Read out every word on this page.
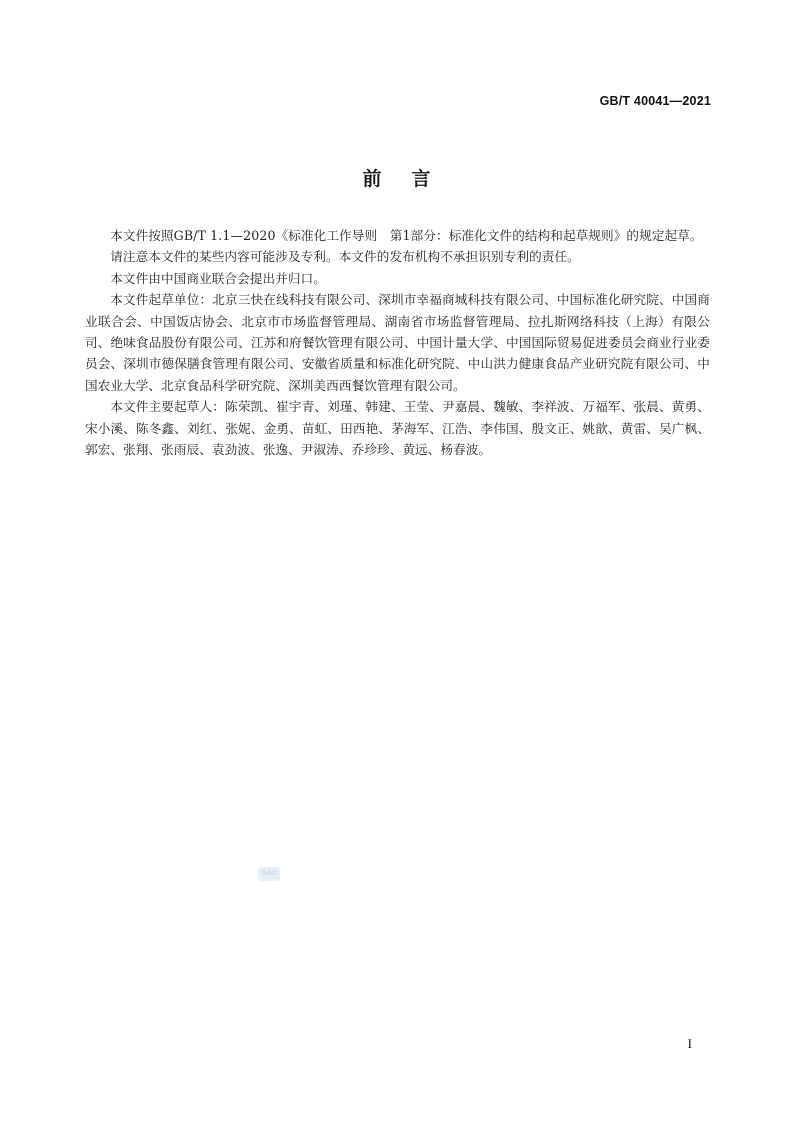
GB/T 40041—2021
前言

本文件按照GB/T 1.1—2020《标准化工作导则　第1部分：标准化文件的结构和起草规则》的规定起草。

请注意本文件的某些内容可能涉及专利。本文件的发布机构不承担识别专利的责任。

本文件由中国商业联合会提出并归口。

本文件起草单位：北京三快在线科技有限公司、深圳市幸福商城科技有限公司、中国标准化研究院、中国商业联合会、中国饭店协会、北京市市场监督管理局、湖南省市场监督管理局、拉扎斯网络科技（上海）有限公司、绝味食品股份有限公司、江苏和府餐饮管理有限公司、中国计量大学、中国国际贸易促进委员会商业行业委员会、深圳市德保膳食管理有限公司、安徽省质量和标准化研究院、中山洪力健康食品产业研究院有限公司、中国农业大学、北京食品科学研究院、深圳美西西餐饮管理有限公司。

本文件主要起草人：陈荣凯、崔宇青、刘瑾、韩建、王莹、尹嘉晨、魏敏、李祥波、万福军、张晨、黄勇、宋小溪、陈冬鑫、刘红、张妮、金勇、苗虹、田西艳、茅海军、江浩、李伟国、殷文正、姚歆、黄雷、吴广枫、郭宏、张翔、张雨辰、袁劲波、张逸、尹淑涛、乔珍珍、黄远、杨春波。

SAC
I
